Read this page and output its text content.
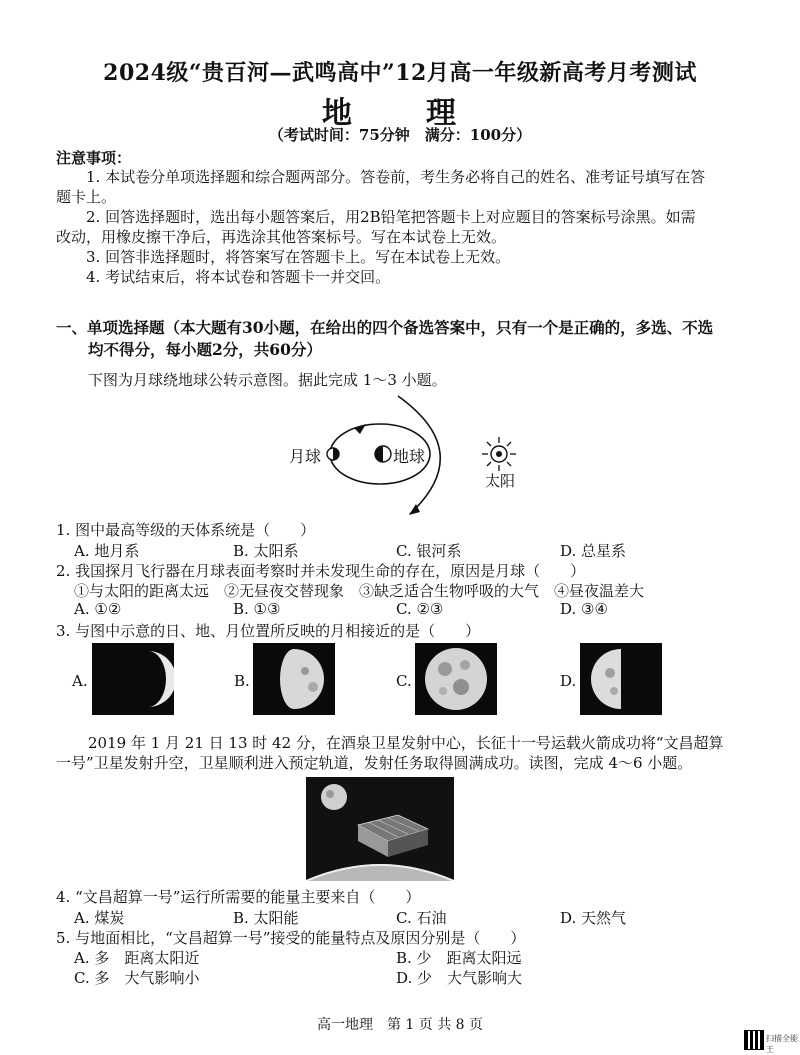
2024级“贵百河—武鸣高中”12月高一年级新高考月考测试
地　理
（考试时间：75分钟　满分：100分）
注意事项：
1. 本试卷分单项选择题和综合题两部分。答卷前，考生务必将自己的姓名、准考证号填写在答
题卡上。
2. 回答选择题时，选出每小题答案后，用2B铅笔把答题卡上对应题目的答案标号涂黑。如需
改动，用橡皮擦干净后，再选涂其他答案标号。写在本试卷上无效。
3. 回答非选择题时，将答案写在答题卡上。写在本试卷上无效。
4. 考试结束后，将本试卷和答题卡一并交回。
一、单项选择题（本大题有30小题，在给出的四个备选答案中，只有一个是正确的，多选、不选
均不得分，每小题2分，共60分）
下图为月球绕地球公转示意图。据此完成 1～3 小题。
月球	地球
太阳
1. 图中最高等级的天体系统是（　　）
A. 地月系	B. 太阳系	C. 银河系	D. 总星系
2. 我国探月飞行器在月球表面考察时并未发现生命的存在，原因是月球（　　）
①与太阳的距离太远　②无昼夜交替现象　③缺乏适合生物呼吸的大气　④昼夜温差大
A. ①②	B. ①③	C. ②③	D. ③④
3. 与图中示意的日、地、月位置所反映的月相接近的是（　　）
A.	B.	C.	D.
2019 年 1 月 21 日 13 时 42 分，在酒泉卫星发射中心，长征十一号运载火箭成功将“文昌超算
一号”卫星发射升空，卫星顺利进入预定轨道，发射任务取得圆满成功。读图，完成 4～6 小题。
4. “文昌超算一号”运行所需要的能量主要来自（　　）
A. 煤炭	B. 太阳能	C. 石油	D. 天然气
5. 与地面相比，“文昌超算一号”接受的能量特点及原因分别是（　　）
A. 多　距离太阳近	B. 少　距离太阳远
C. 多　大气影响小	D. 少　大气影响大
高一地理　第 1 页 共 8 页
扫描全能王
